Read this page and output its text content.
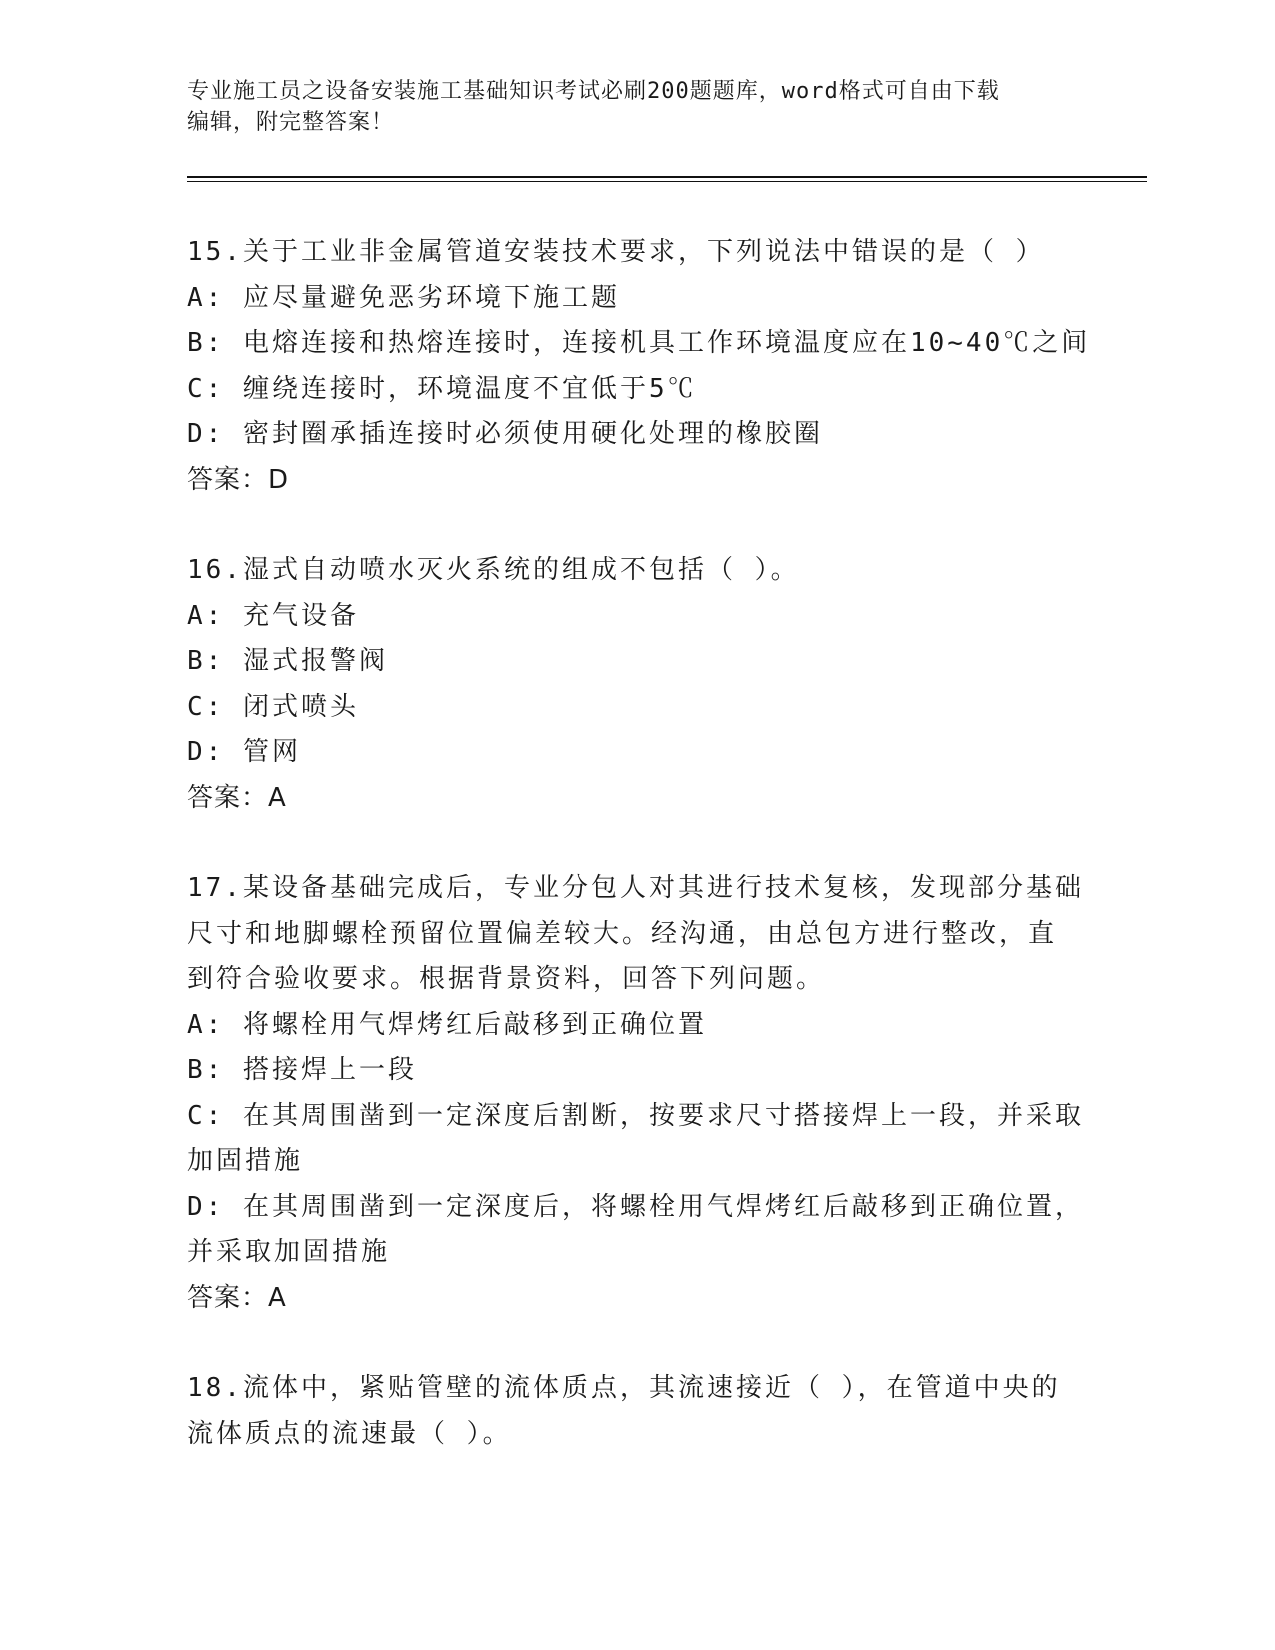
专业施工员之设备安装施工基础知识考试必刷200题题库，word格式可自由下载
编辑，附完整答案！
15.关于工业非金属管道安装技术要求，下列说法中错误的是（ ）
A: 应尽量避免恶劣环境下施工题
B: 电熔连接和热熔连接时，连接机具工作环境温度应在10~40℃之间
C: 缠绕连接时，环境温度不宜低于5℃
D: 密封圈承插连接时必须使用硬化处理的橡胶圈
答案：D
16.湿式自动喷水灭火系统的组成不包括（ ）。
A: 充气设备
B: 湿式报警阀
C: 闭式喷头
D: 管网
答案：A
17.某设备基础完成后，专业分包人对其进行技术复核，发现部分基础
尺寸和地脚螺栓预留位置偏差较大。经沟通，由总包方进行整改，直
到符合验收要求。根据背景资料，回答下列问题。
A: 将螺栓用气焊烤红后敲移到正确位置
B: 搭接焊上一段
C: 在其周围凿到一定深度后割断，按要求尺寸搭接焊上一段，并采取
加固措施
D: 在其周围凿到一定深度后，将螺栓用气焊烤红后敲移到正确位置，
并采取加固措施
答案：A
18.流体中，紧贴管壁的流体质点，其流速接近（ ），在管道中央的
流体质点的流速最（ ）。
